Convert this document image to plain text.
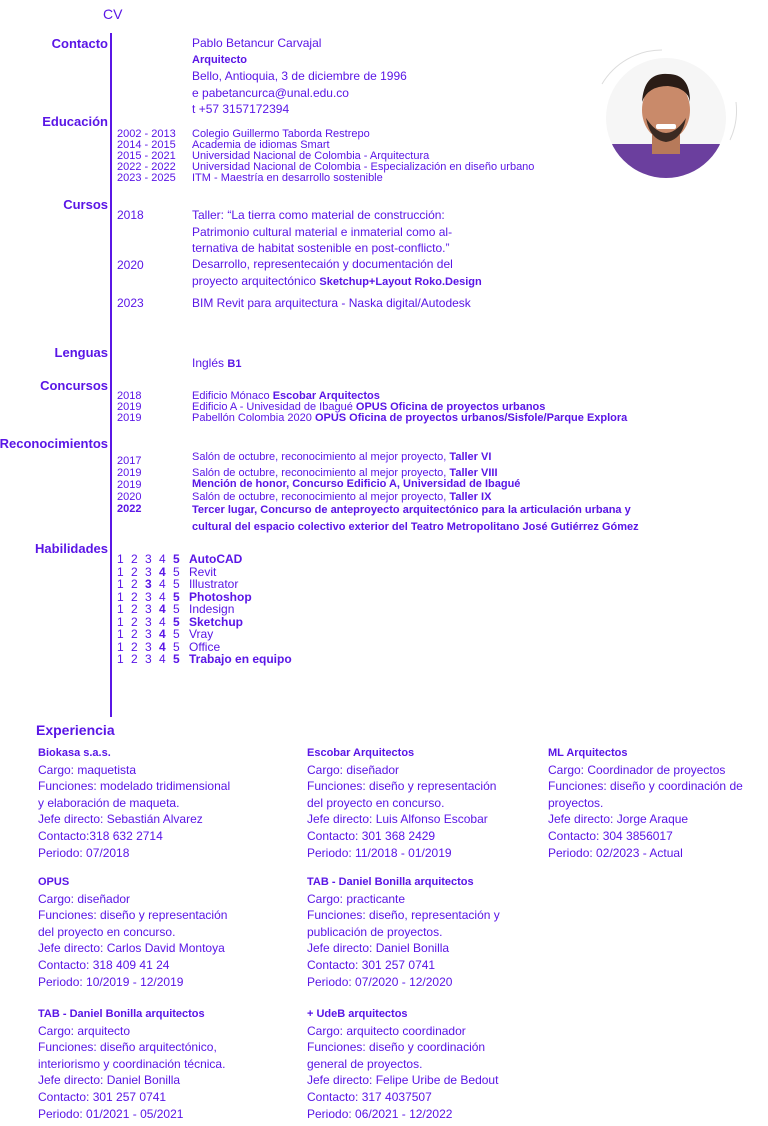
CV
Contacto
Educación
Cursos
Lenguas
Concursos
Reconocimientos
Habilidades
Pablo Betancur Carvajal
Arquitecto
Bello, Antioquia, 3 de diciembre de 1996
e pabetancurca@unal.edu.co
t +57 3157172394
2002 - 2013 Colegio Guillermo Taborda Restrepo
2014 - 2015 Academia de idiomas Smart
2015 - 2021 Universidad Nacional de Colombia - Arquitectura
2022 - 2022 Universidad Nacional de Colombia - Especialización en diseño urbano
2023 - 2025 ITM - Maestría en desarrollo sostenible
2018	Taller: “La tierra como material de construcción:
Patrimonio cultural material e inmaterial como al-
ternativa de habitat sostenible en post-conflicto.”
2020	Desarrollo, representecaión y documentación del
proyecto arquitectónico Sketchup+Layout Roko.Design
2023	BIM Revit para arquitectura - Naska digital/Autodesk
Inglés B1
2018	Edificio Mónaco Escobar Arquitectos
2019	Edificio A - Univesidad de Ibagué OPUS Oficina de proyectos urbanos
2019	Pabellón Colombia 2020 OPUS Oficina de proyectos urbanos/Sisfole/Parque Explora
2017	Salón de octubre, reconocimiento al mejor proyecto, Taller VI
2019	Salón de octubre, reconocimiento al mejor proyecto, Taller VIII
2019	Mención de honor, Concurso Edificio A, Universidad de Ibagué
2020	Salón de octubre, reconocimiento al mejor proyecto, Taller IX
2022	Tercer lugar, Concurso de anteproyecto arquitectónico para la articulación urbana y
cultural del espacio colectivo exterior del Teatro Metropolitano José Gutiérrez Gómez
1 2 3 4 5 AutoCAD
1 2 3 4 5 Revit
1 2 3 4 5 Illustrator
1 2 3 4 5 Photoshop
1 2 3 4 5 Indesign
1 2 3 4 5 Sketchup
1 2 3 4 5 Vray
1 2 3 4 5 Office
1 2 3 4 5 Trabajo en equipo
Experiencia
Biokasa s.a.s.
Cargo: maquetista
Funciones: modelado tridimensional
y elaboración de maqueta.
Jefe directo: Sebastián Alvarez
Contacto:318 632 2714
Periodo: 07/2018
OPUS
Cargo: diseñador
Funciones: diseño y representación
del proyecto en concurso.
Jefe directo: Carlos David Montoya
Contacto: 318 409 41 24
Periodo: 10/2019 - 12/2019
TAB - Daniel Bonilla arquitectos
Cargo: arquitecto
Funciones: diseño arquitectónico,
interiorismo y coordinación técnica.
Jefe directo: Daniel Bonilla
Contacto: 301 257 0741
Periodo: 01/2021 - 05/2021
Escobar Arquitectos
Cargo: diseñador
Funciones: diseño y representación
del proyecto en concurso.
Jefe directo: Luis Alfonso Escobar
Contacto: 301 368 2429
Periodo: 11/2018 - 01/2019
TAB - Daniel Bonilla arquitectos
Cargo: practicante
Funciones: diseño, representación y
publicación de proyectos.
Jefe directo: Daniel Bonilla
Contacto: 301 257 0741
Periodo: 07/2020 - 12/2020
+ UdeB arquitectos
Cargo: arquitecto coordinador
Funciones: diseño y coordinación
general de proyectos.
Jefe directo: Felipe Uribe de Bedout
Contacto: 317 4037507
Periodo: 06/2021 - 12/2022
ML Arquitectos
Cargo: Coordinador de proyectos
Funciones: diseño y coordinación de
proyectos.
Jefe directo: Jorge Araque
Contacto: 304 3856017
Periodo: 02/2023 - Actual
